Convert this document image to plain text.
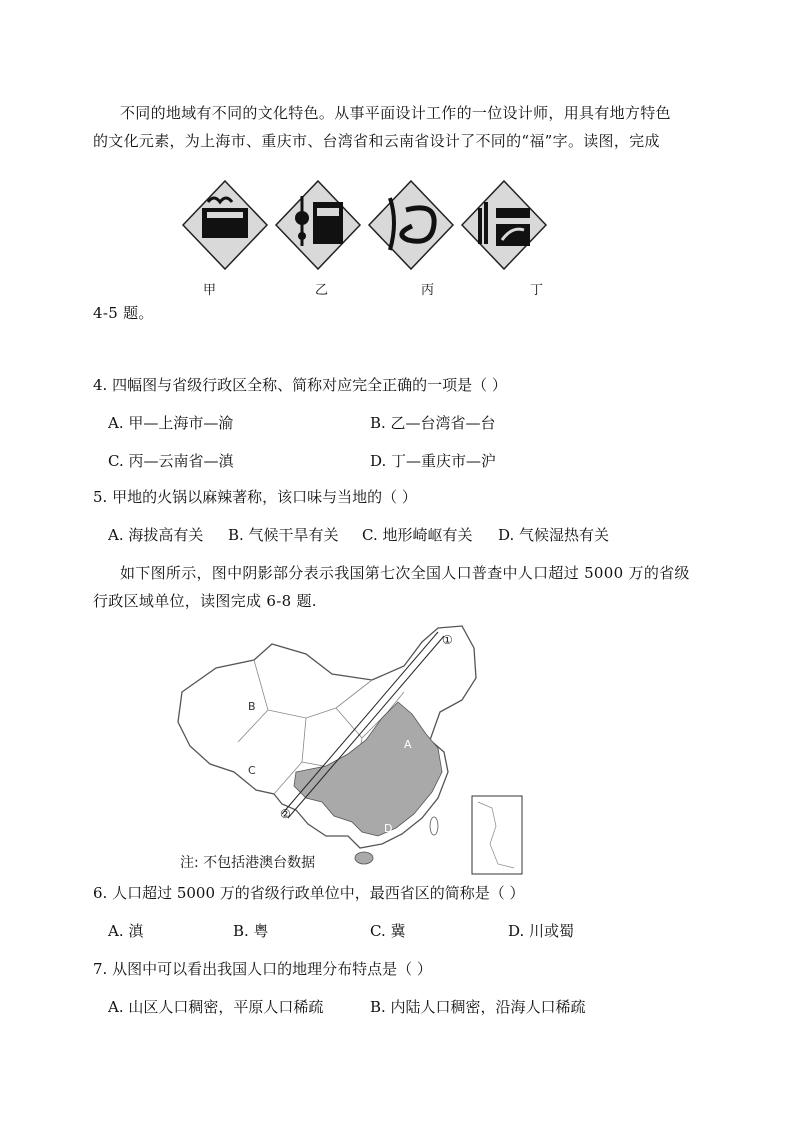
不同的地域有不同的文化特色。从事平面设计工作的一位设计师，用具有地方特色
的文化元素，为上海市、重庆市、台湾省和云南省设计了不同的“福”字。读图，完成
甲	乙	丙	丁
4-5 题。
4. 四幅图与省级行政区全称、简称对应完全正确的一项是（ ）
A. 甲—上海市—渝	B. 乙—台湾省—台
C. 丙—云南省—滇	D. 丁—重庆市—沪
5. 甲地的火锅以麻辣著称，该口味与当地的（ ）
A. 海拔高有关 B. 气候干旱有关 C. 地形崎岖有关 D. 气候湿热有关
如下图所示，图中阴影部分表示我国第七次全国人口普查中人口超过 5000 万的省级
行政区域单位，读图完成 6-8 题.
B
C
A
D
①
②
注: 不包括港澳台数据
6. 人口超过 5000 万的省级行政单位中，最西省区的简称是（ ）
A. 滇	B. 粤	C. 冀	D. 川或蜀
7. 从图中可以看出我国人口的地理分布特点是（ ）
A. 山区人口稠密，平原人口稀疏	B. 内陆人口稠密，沿海人口稀疏
